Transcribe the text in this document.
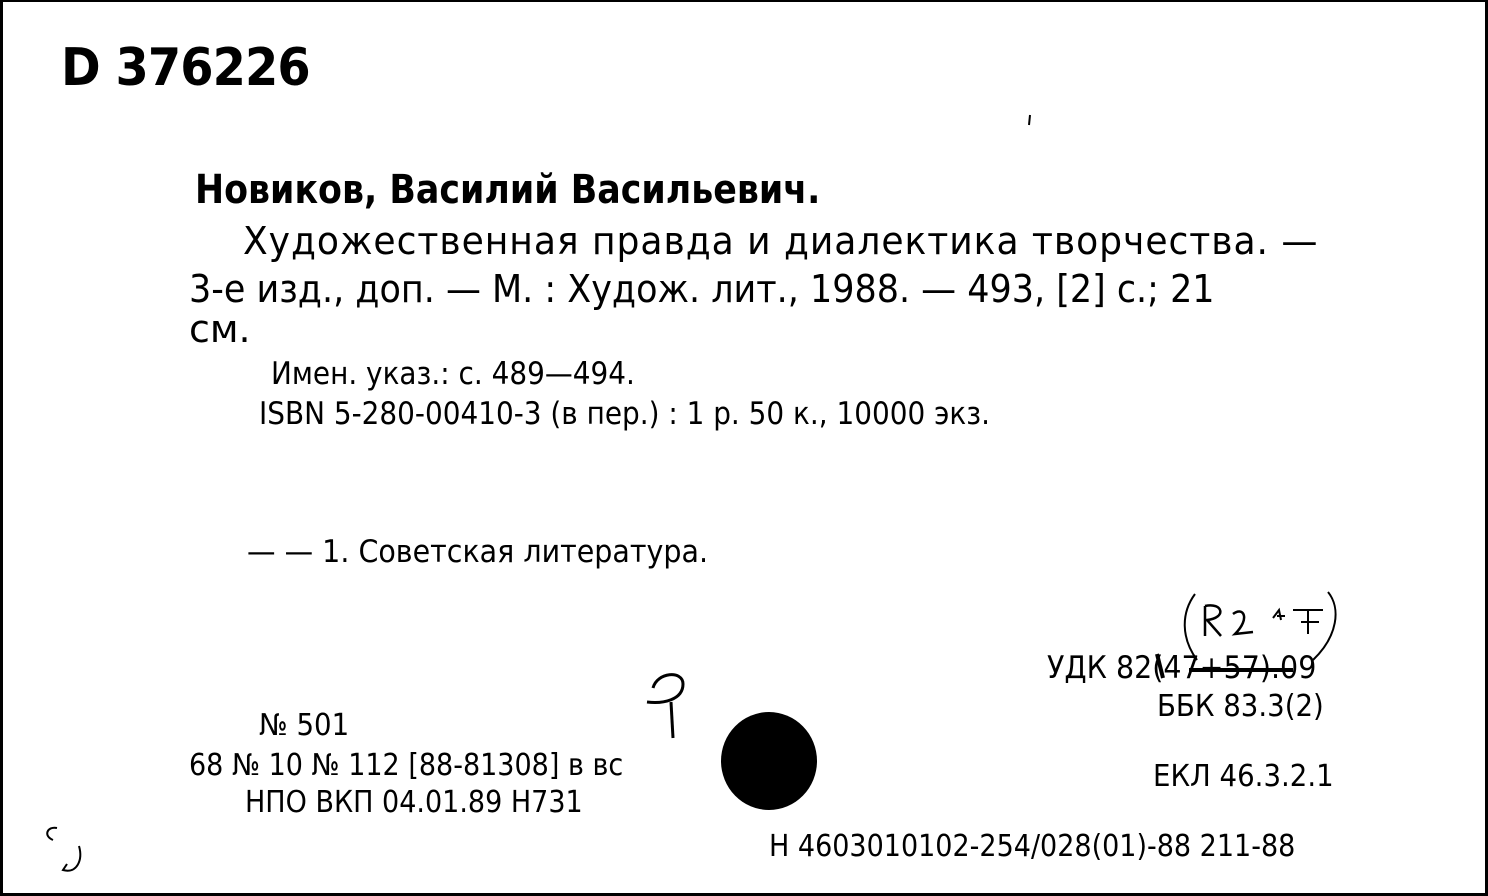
D 376226
Новиков, Василий Васильевич.
Художественная правда и диалектика творчества. —
3-е изд., доп. — М. : Худож. лит., 1988. — 493, [2] с.; 21
см.
Имен. указ.: с. 489—494.
ISBN 5-280-00410-3 (в пер.) : 1 р. 50 к., 10000 экз.
— — 1. Советская литература.
УДК 82(47+57).09
ББК 83.3(2)
ЕКЛ 46.3.2.1
№ 501
68 № 10 № 112 [88-81308] в вс
НПО ВКП 04.01.89 Н731
Н 4603010102-254/028(01)-88 211-88
